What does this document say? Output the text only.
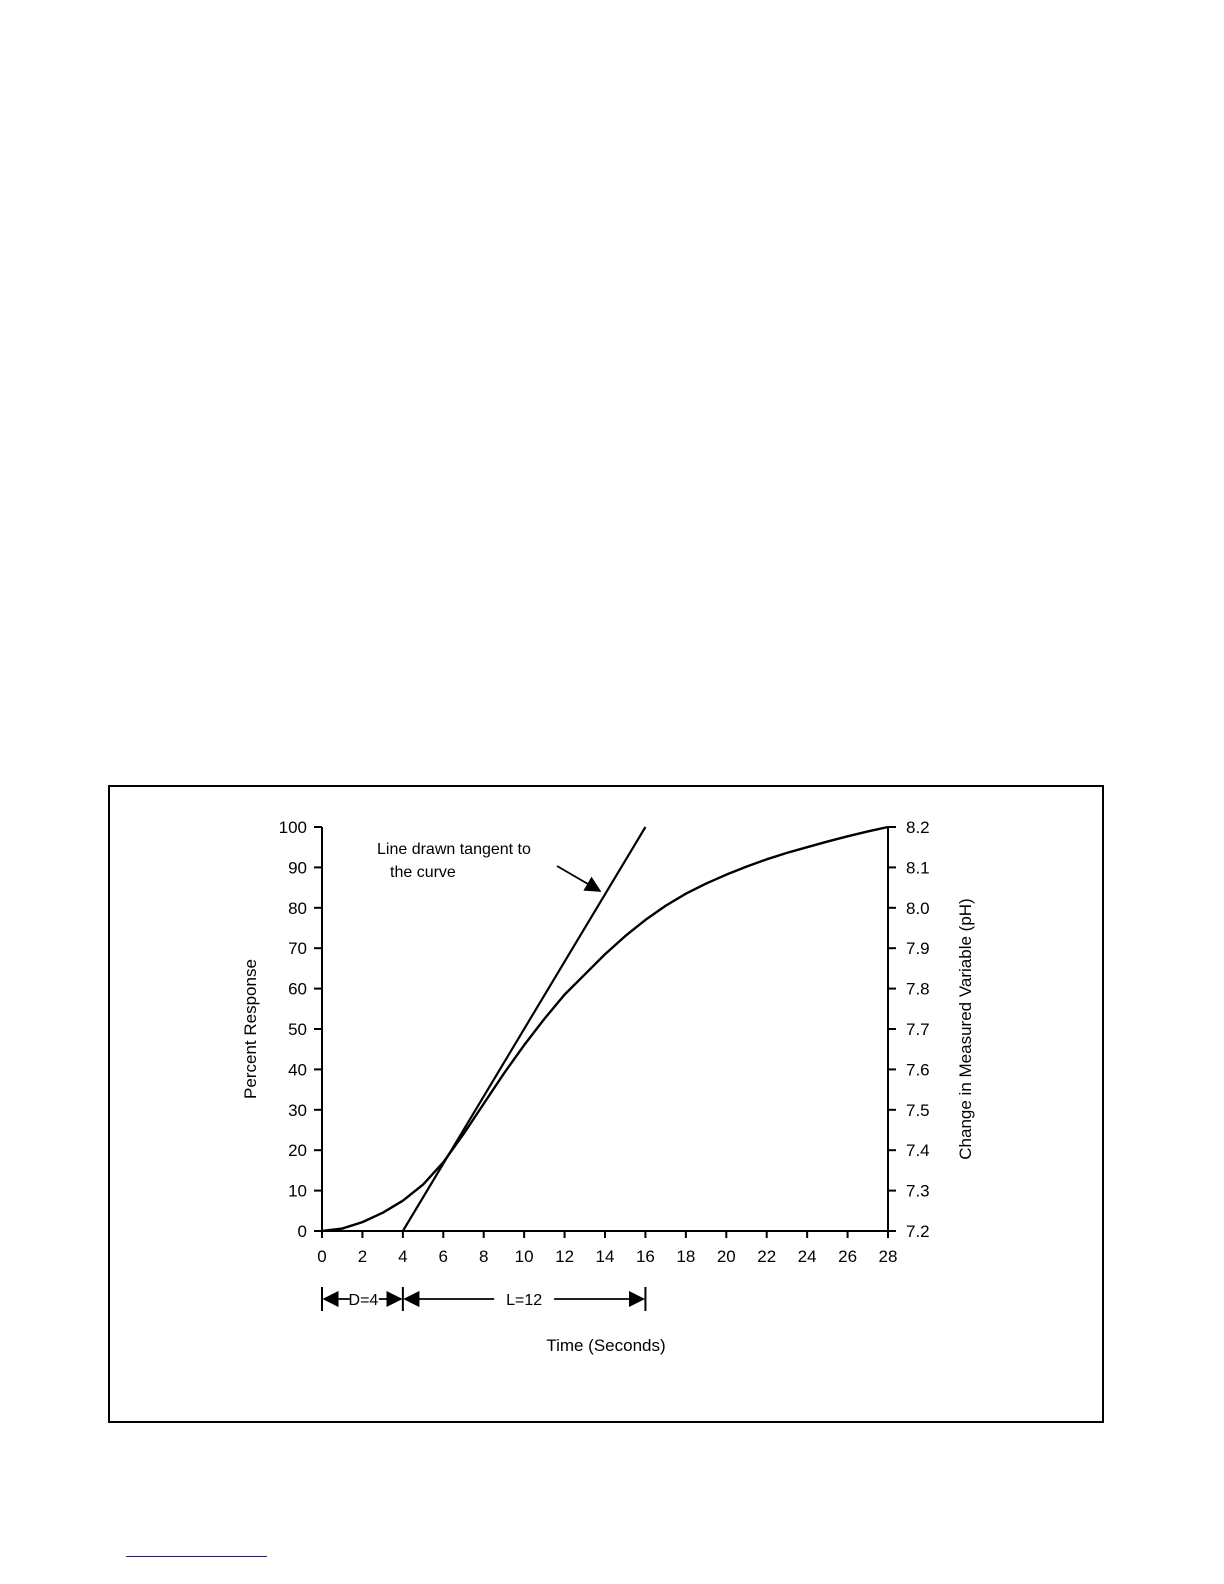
0 2 4 6 8 10 12 14 16 18 20 22 24 26 28
0
10
20
30
40
50
60
70
80
90
100
7.2
7.3
7.4
7.5
7.6
7.7
7.8
7.9
8.0
8.1
8.2
Percent Response	Change in Measured Variable (pH)
Time (Seconds)
Line drawn tangent to
the curve
D=4	L=12
